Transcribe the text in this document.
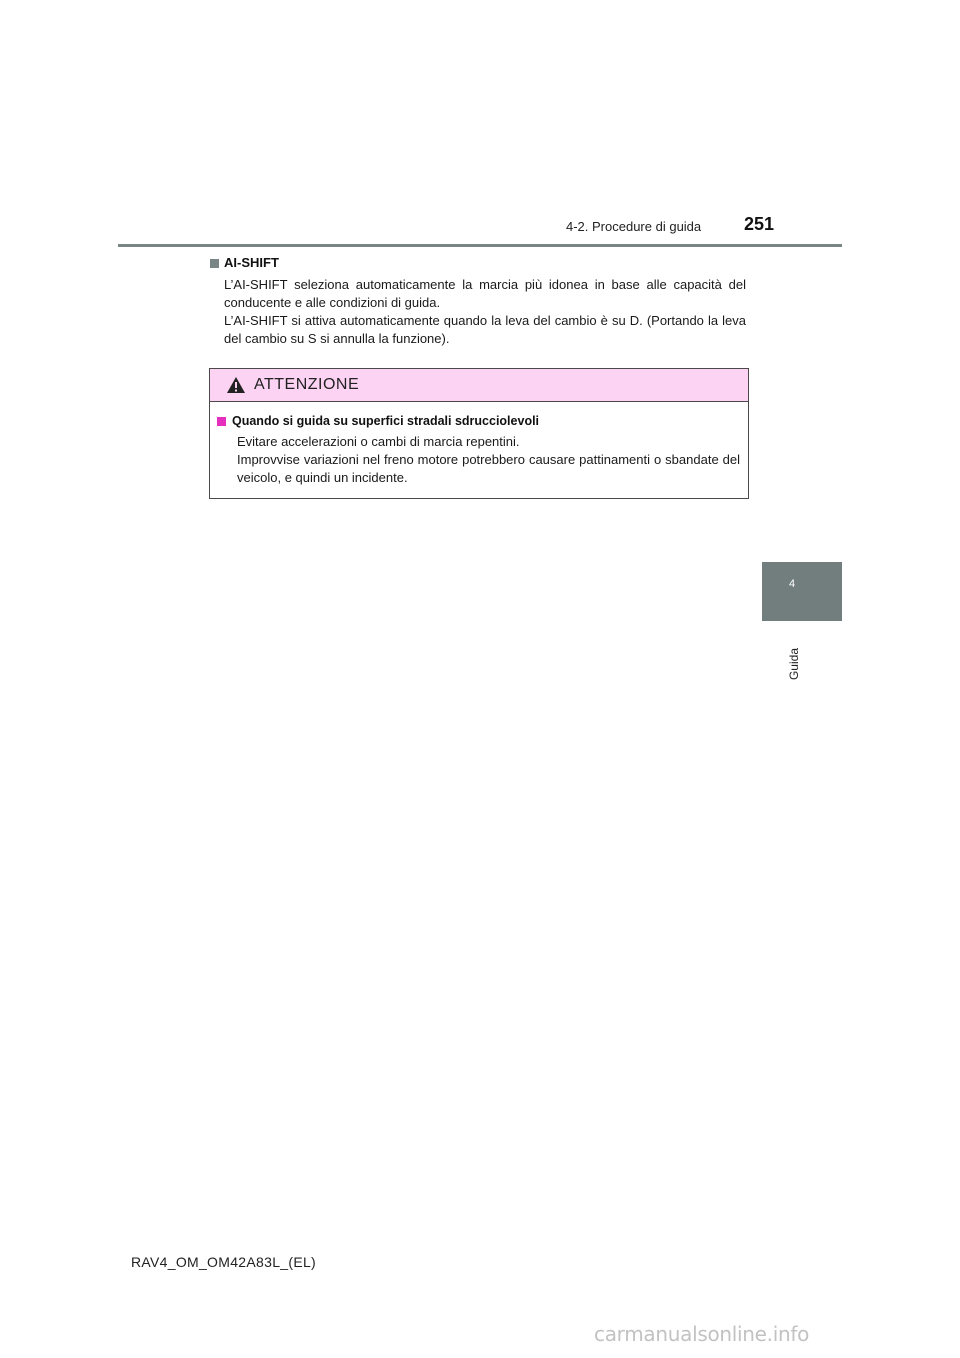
4-2. Procedure di guida 251
4
Guida
AI-SHIFT

L’AI-SHIFT seleziona automaticamente la marcia più idonea in base alle capacità del conducente e alle condizioni di guida.

L’AI-SHIFT si attiva automaticamente quando la leva del cambio è su D. (Portando la leva del cambio su S si annulla la funzione).

ATTENZIONE
Quando si guida su superfici stradali sdrucciolevoli

Evitare accelerazioni o cambi di marcia repentini.

Improvvise variazioni nel freno motore potrebbero causare pattinamenti o sbandate del veicolo, e quindi un incidente.

RAV4_OM_OM42A83L_(EL)
carmanualsonline.info
